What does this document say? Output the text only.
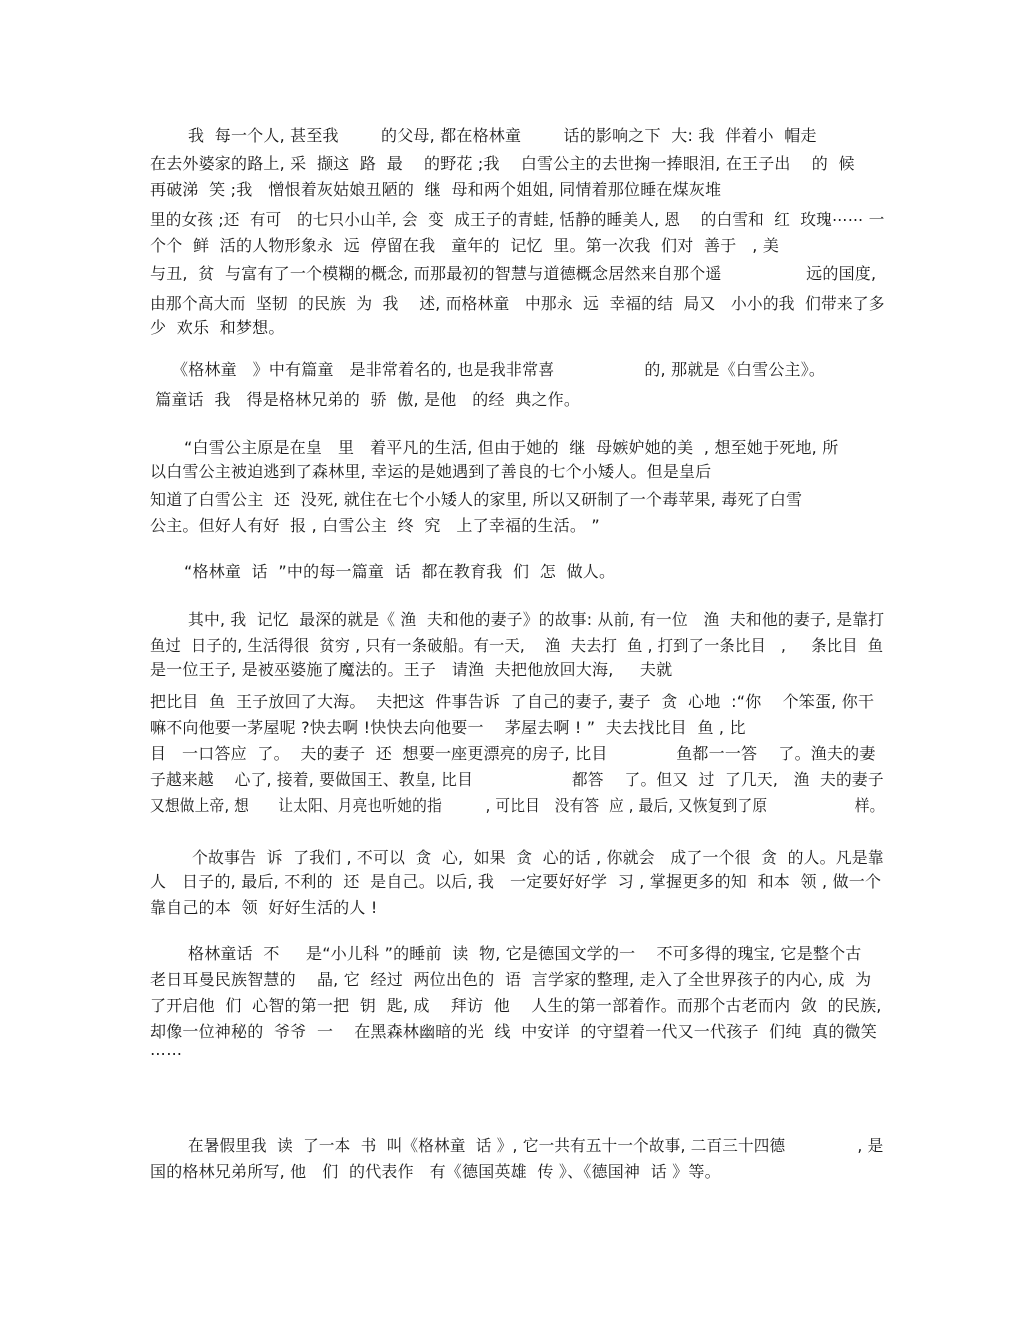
我  每一个人, 甚至我        的父母, 都在格林童        话的影响之下  大: 我  伴着小  帽走
在去外婆家的路上, 采  撷这  路  最    的野花 ;我    白雪公主的去世掬一捧眼泪, 在王子出    的  候
再破涕  笑 ;我   憎恨着灰姑娘丑陋的  继  母和两个姐姐, 同情着那位睡在煤灰堆
里的女孩 ;还  有可   的七只小山羊, 会  变  成王子的青蛙, 恬静的睡美人, 恩    的白雪和  红  玫瑰⋯⋯ 一
个个  鲜  活的人物形象永  远  停留在我   童年的  记忆  里。第一次我  们对  善于   , 美
与丑,  贫  与富有了一个模糊的概念, 而那最初的智慧与道德概念居然来自那个遥                远的国度,
由那个高大而  坚韧  的民族  为  我    述, 而格林童   中那永  远  幸福的结  局又   小小的我  们带来了多
少  欢乐  和梦想。
《格林童   》中有篇童   是非常着名的, 也是我非常喜                 的, 那就是《白雪公主》。
篇童话  我   得是格林兄弟的  骄  傲, 是他   的经  典之作。
“白雪公主原是在皇   里   着平凡的生活, 但由于她的  继  母嫉妒她的美  , 想至她于死地, 所
以白雪公主被迫逃到了森林里, 幸运的是她遇到了善良的七个小矮人。但是皇后
知道了白雪公主  还  没死, 就住在七个小矮人的家里, 所以又研制了一个毒苹果, 毒死了白雪
公主。但好人有好  报 , 白雪公主  终  究   上了幸福的生活。 ”
“格林童  话  ”中的每一篇童  话  都在教育我  们  怎  做人。
其中, 我  记忆  最深的就是《 渔  夫和他的妻子》的故事: 从前, 有一位   渔  夫和他的妻子, 是靠打
鱼过  日子的, 生活得很  贫穷 , 只有一条破船。有一天,    渔  夫去打  鱼 , 打到了一条比目   ,     条比目  鱼
是一位王子, 是被巫婆施了魔法的。王子   请渔  夫把他放回大海,     夫就
把比目  鱼  王子放回了大海。  夫把这  件事告诉  了自己的妻子, 妻子  贪  心地  :“你    个笨蛋, 你干
嘛不向他要一茅屋呢 ?快去啊 !快快去向他要一    茅屋去啊 ! ”  夫去找比目  鱼 , 比
目   一口答应  了。  夫的妻子  还  想要一座更漂亮的房子, 比目             鱼都一一答    了。渔夫的妻
子越来越    心了, 接着, 要做国王、教皇, 比目                   都答    了。但又  过  了几天,   渔  夫的妻子
又想做上帝, 想      让太阳、月亮也听她的指         , 可比目   没有答  应 , 最后, 又恢复到了原                  样。
个故事告  诉  了我们 , 不可以  贪  心,  如果  贪  心的话 , 你就会   成了一个很  贪  的人。凡是靠
人   日子的, 最后, 不利的  还  是自己。以后, 我   一定要好好学  习 , 掌握更多的知  和本  领 , 做一个
靠自己的本  领  好好生活的人 !
格林童话  不     是“小儿科 ”的睡前  读  物, 它是德国文学的一    不可多得的瑰宝, 它是整个古
老日耳曼民族智慧的    晶, 它  经过  两位出色的  语  言学家的整理, 走入了全世界孩子的内心, 成  为
了开启他  们  心智的第一把  钥  匙, 成    拜访  他    人生的第一部着作。而那个古老而内  敛  的民族,
却像一位神秘的  爷爷  一    在黑森林幽暗的光  线  中安详  的守望着一代又一代孩子  们纯  真的微笑
⋯⋯
在暑假里我  读  了一本  书  叫《格林童  话 》, 它一共有五十一个故事, 二百三十四德              , 是
国的格林兄弟所写, 他   们  的代表作   有《德国英雄  传 》、《德国神  话 》等。
